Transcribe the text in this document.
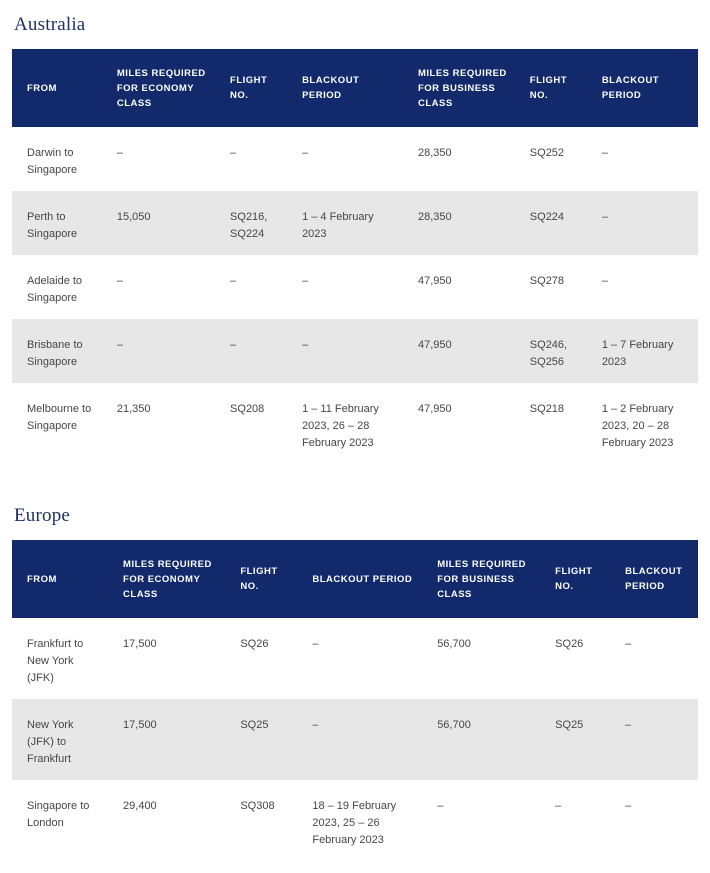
Australia
FROM	MILES REQUIRED FOR ECONOMY CLASS	FLIGHT NO.	BLACKOUT PERIOD	MILES REQUIRED FOR BUSINESS CLASS	FLIGHT NO.	BLACKOUT PERIOD
Darwin to Singapore	–	–	–	28,350	SQ252	–
Perth to Singapore	15,050	SQ216, SQ224	1 – 4 February 2023	28,350	SQ224	–
Adelaide to Singapore	–	–	–	47,950	SQ278	–
Brisbane to Singapore	–	–	–	47,950	SQ246, SQ256	1 – 7 February 2023
Melbourne to Singapore	21,350	SQ208	1 – 11 February 2023, 26 – 28 February 2023	47,950	SQ218	1 – 2 February 2023, 20 – 28 February 2023
Europe
FROM	MILES REQUIRED FOR ECONOMY CLASS	FLIGHT NO.	BLACKOUT PERIOD	MILES REQUIRED FOR BUSINESS CLASS	FLIGHT NO.	BLACKOUT PERIOD
Frankfurt to New York (JFK)	17,500	SQ26	–	56,700	SQ26	–
New York (JFK) to Frankfurt	17,500	SQ25	–	56,700	SQ25	–
Singapore to London	29,400	SQ308	18 – 19 February 2023, 25 – 26 February 2023	–	–	–
